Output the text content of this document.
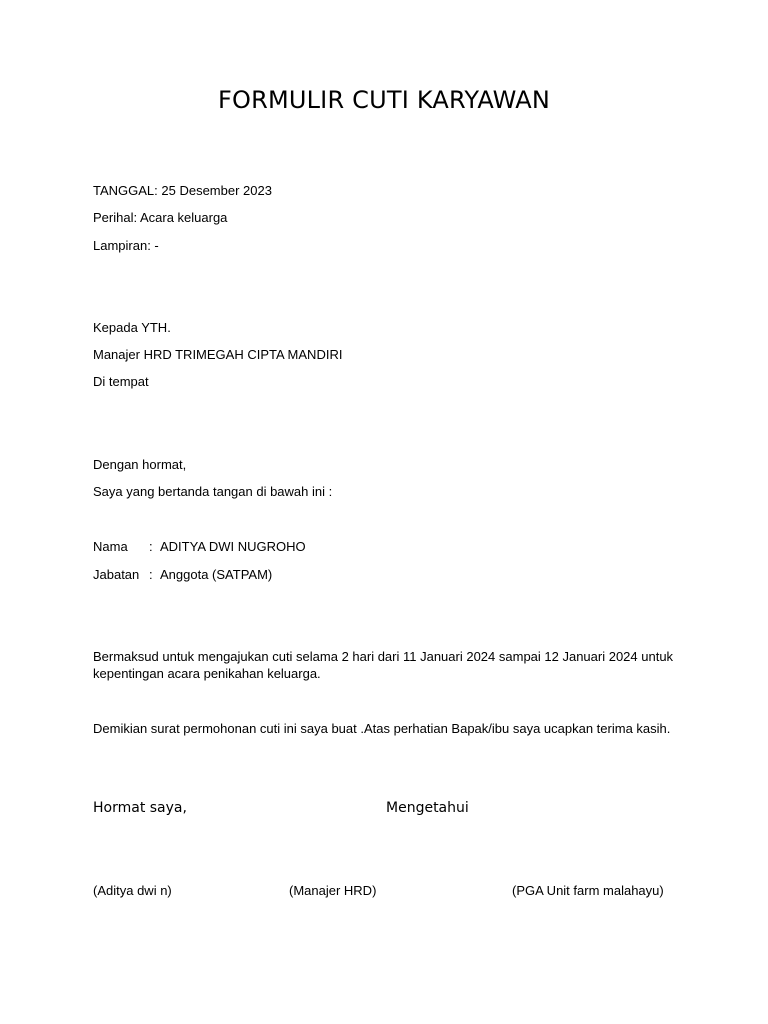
FORMULIR CUTI KARYAWAN
TANGGAL: 25 Desember 2023
Perihal: Acara keluarga
Lampiran: -
Kepada YTH.
Manajer HRD TRIMEGAH CIPTA MANDIRI
Di tempat
Dengan hormat,
Saya yang bertanda tangan di bawah ini :
Nama : ADITYA DWI NUGROHO
Jabatan : Anggota (SATPAM)
Bermaksud untuk mengajukan cuti selama 2 hari dari 11 Januari 2024 sampai 12 Januari 2024 untuk kepentingan acara penikahan keluarga.
Demikian surat permohonan cuti ini saya buat .Atas perhatian Bapak/ibu saya ucapkan terima kasih.
Hormat saya,	Mengetahui
(Aditya dwi n)	(Manajer HRD)	(PGA Unit farm malahayu)
